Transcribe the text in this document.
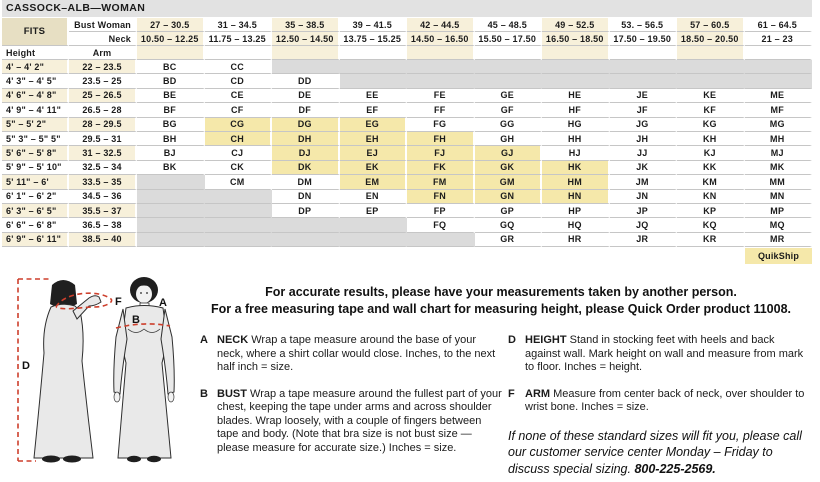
CASSOCK–ALB—WOMAN
FITS	Bust Woman	27 – 30.5	31 – 34.5	35 – 38.5	39 – 41.5	42 – 44.5	45 – 48.5	49 – 52.5	53. – 56.5	57 – 60.5	61 – 64.5
	Neck	10.50 – 12.25	11.75 – 13.25	12.50 – 14.50	13.75 – 15.25	14.50 – 16.50	15.50 – 17.50	16.50 – 18.50	17.50 – 19.50	18.50 – 20.50	21 – 23
Height	Arm										
4' – 4' 2"	22 – 23.5	BC	CC								
4' 3" – 4' 5"	23.5 – 25	BD	CD	DD							
4' 6" – 4' 8"	25 – 26.5	BE	CE	DE	EE	FE	GE	HE	JE	KE	ME
4' 9" – 4' 11"	26.5 – 28	BF	CF	DF	EF	FF	GF	HF	JF	KF	MF
5" – 5' 2"	28 – 29.5	BG	CG	DG	EG	FG	GG	HG	JG	KG	MG
5" 3" – 5" 5"	29.5 – 31	BH	CH	DH	EH	FH	GH	HH	JH	KH	MH
5' 6" – 5' 8"	31 – 32.5	BJ	CJ	DJ	EJ	FJ	GJ	HJ	JJ	KJ	MJ
5' 9" – 5' 10"	32.5 – 34	BK	CK	DK	EK	FK	GK	HK	JK	KK	MK
5' 11" – 6'	33.5 – 35		CM	DM	EM	FM	GM	HM	JM	KM	MM
6' 1" – 6' 2"	34.5 – 36			DN	EN	FN	GN	HN	JN	KN	MN
6' 3" – 6' 5"	35.5 – 37			DP	EP	FP	GP	HP	JP	KP	MP
6' 6" – 6' 8"	36.5 – 38					FQ	GQ	HQ	JQ	KQ	MQ
6' 9" – 6' 11"	38.5 – 40						GR	HR	JR	KR	MR
QuikShip
D
F	A
B
For accurate results, please have your measurements taken by another person.
For a free measuring tape and wall chart for measuring height, please Quick Order product 11008.
A NECK Wrap a tape measure around the base of your neck, where a shirt collar would close. Inches, to the next half inch = size.
B BUST Wrap a tape measure around the fullest part of your chest, keeping the tape under arms and across shoulder blades. Wrap loosely, with a couple of fingers between tape and body. (Note that bra size is not bust size — please measure for accurate size.) Inches = size.
D HEIGHT Stand in stocking feet with heels and back against wall. Mark height on wall and measure from mark to floor. Inches = height.
F ARM Measure from center back of neck, over shoulder to wrist bone. Inches = size.

If none of these standard sizes will fit you, please call our customer service center Monday – Friday to discuss special sizing. 800-225-2569.
